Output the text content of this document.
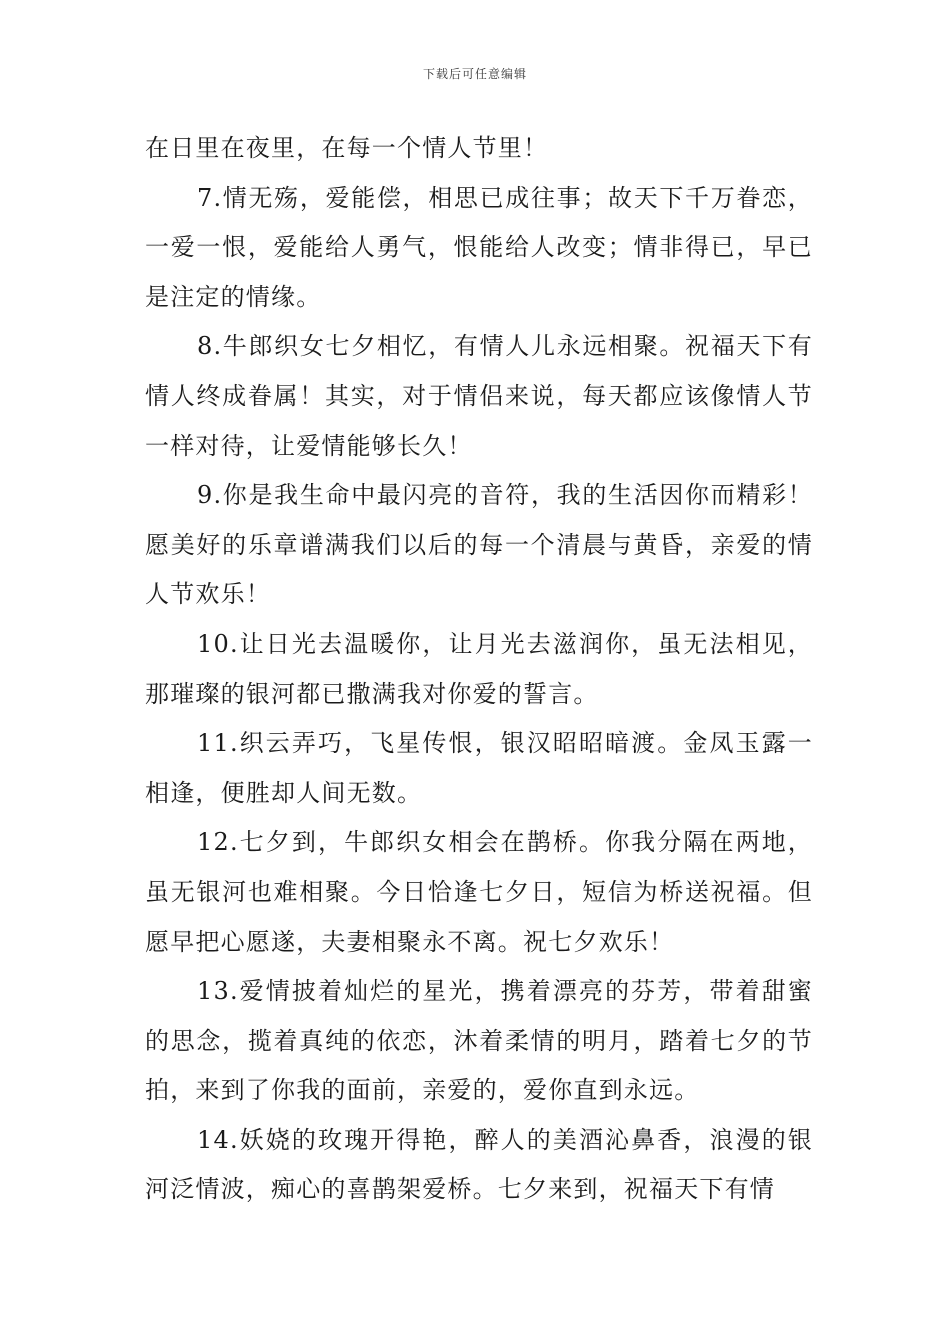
下载后可任意编辑

在日里在夜里，在每一个情人节里！

7.情无殇，爱能偿，相思已成往事；故天下千万眷恋，一爱一恨，爱能给人勇气，恨能给人改变；情非得已，早已是注定的情缘。

8.牛郎织女七夕相忆，有情人儿永远相聚。祝福天下有情人终成眷属！其实，对于情侣来说，每天都应该像情人节一样对待，让爱情能够长久！

9.你是我生命中最闪亮的音符，我的生活因你而精彩！愿美好的乐章谱满我们以后的每一个清晨与黄昏，亲爱的情人节欢乐！

10.让日光去温暖你，让月光去滋润你，虽无法相见，那璀璨的银河都已撒满我对你爱的誓言。

11.织云弄巧，飞星传恨，银汉昭昭暗渡。金凤玉露一相逢，便胜却人间无数。

12.七夕到，牛郎织女相会在鹊桥。你我分隔在两地，虽无银河也难相聚。今日恰逢七夕日，短信为桥送祝福。但愿早把心愿遂，夫妻相聚永不离。祝七夕欢乐！

13.爱情披着灿烂的星光，携着漂亮的芬芳，带着甜蜜的思念，揽着真纯的依恋，沐着柔情的明月，踏着七夕的节拍，来到了你我的面前，亲爱的，爱你直到永远。

14.妖娆的玫瑰开得艳，醉人的美酒沁鼻香，浪漫的银河泛情波，痴心的喜鹊架爱桥。七夕来到，祝福天下有情
